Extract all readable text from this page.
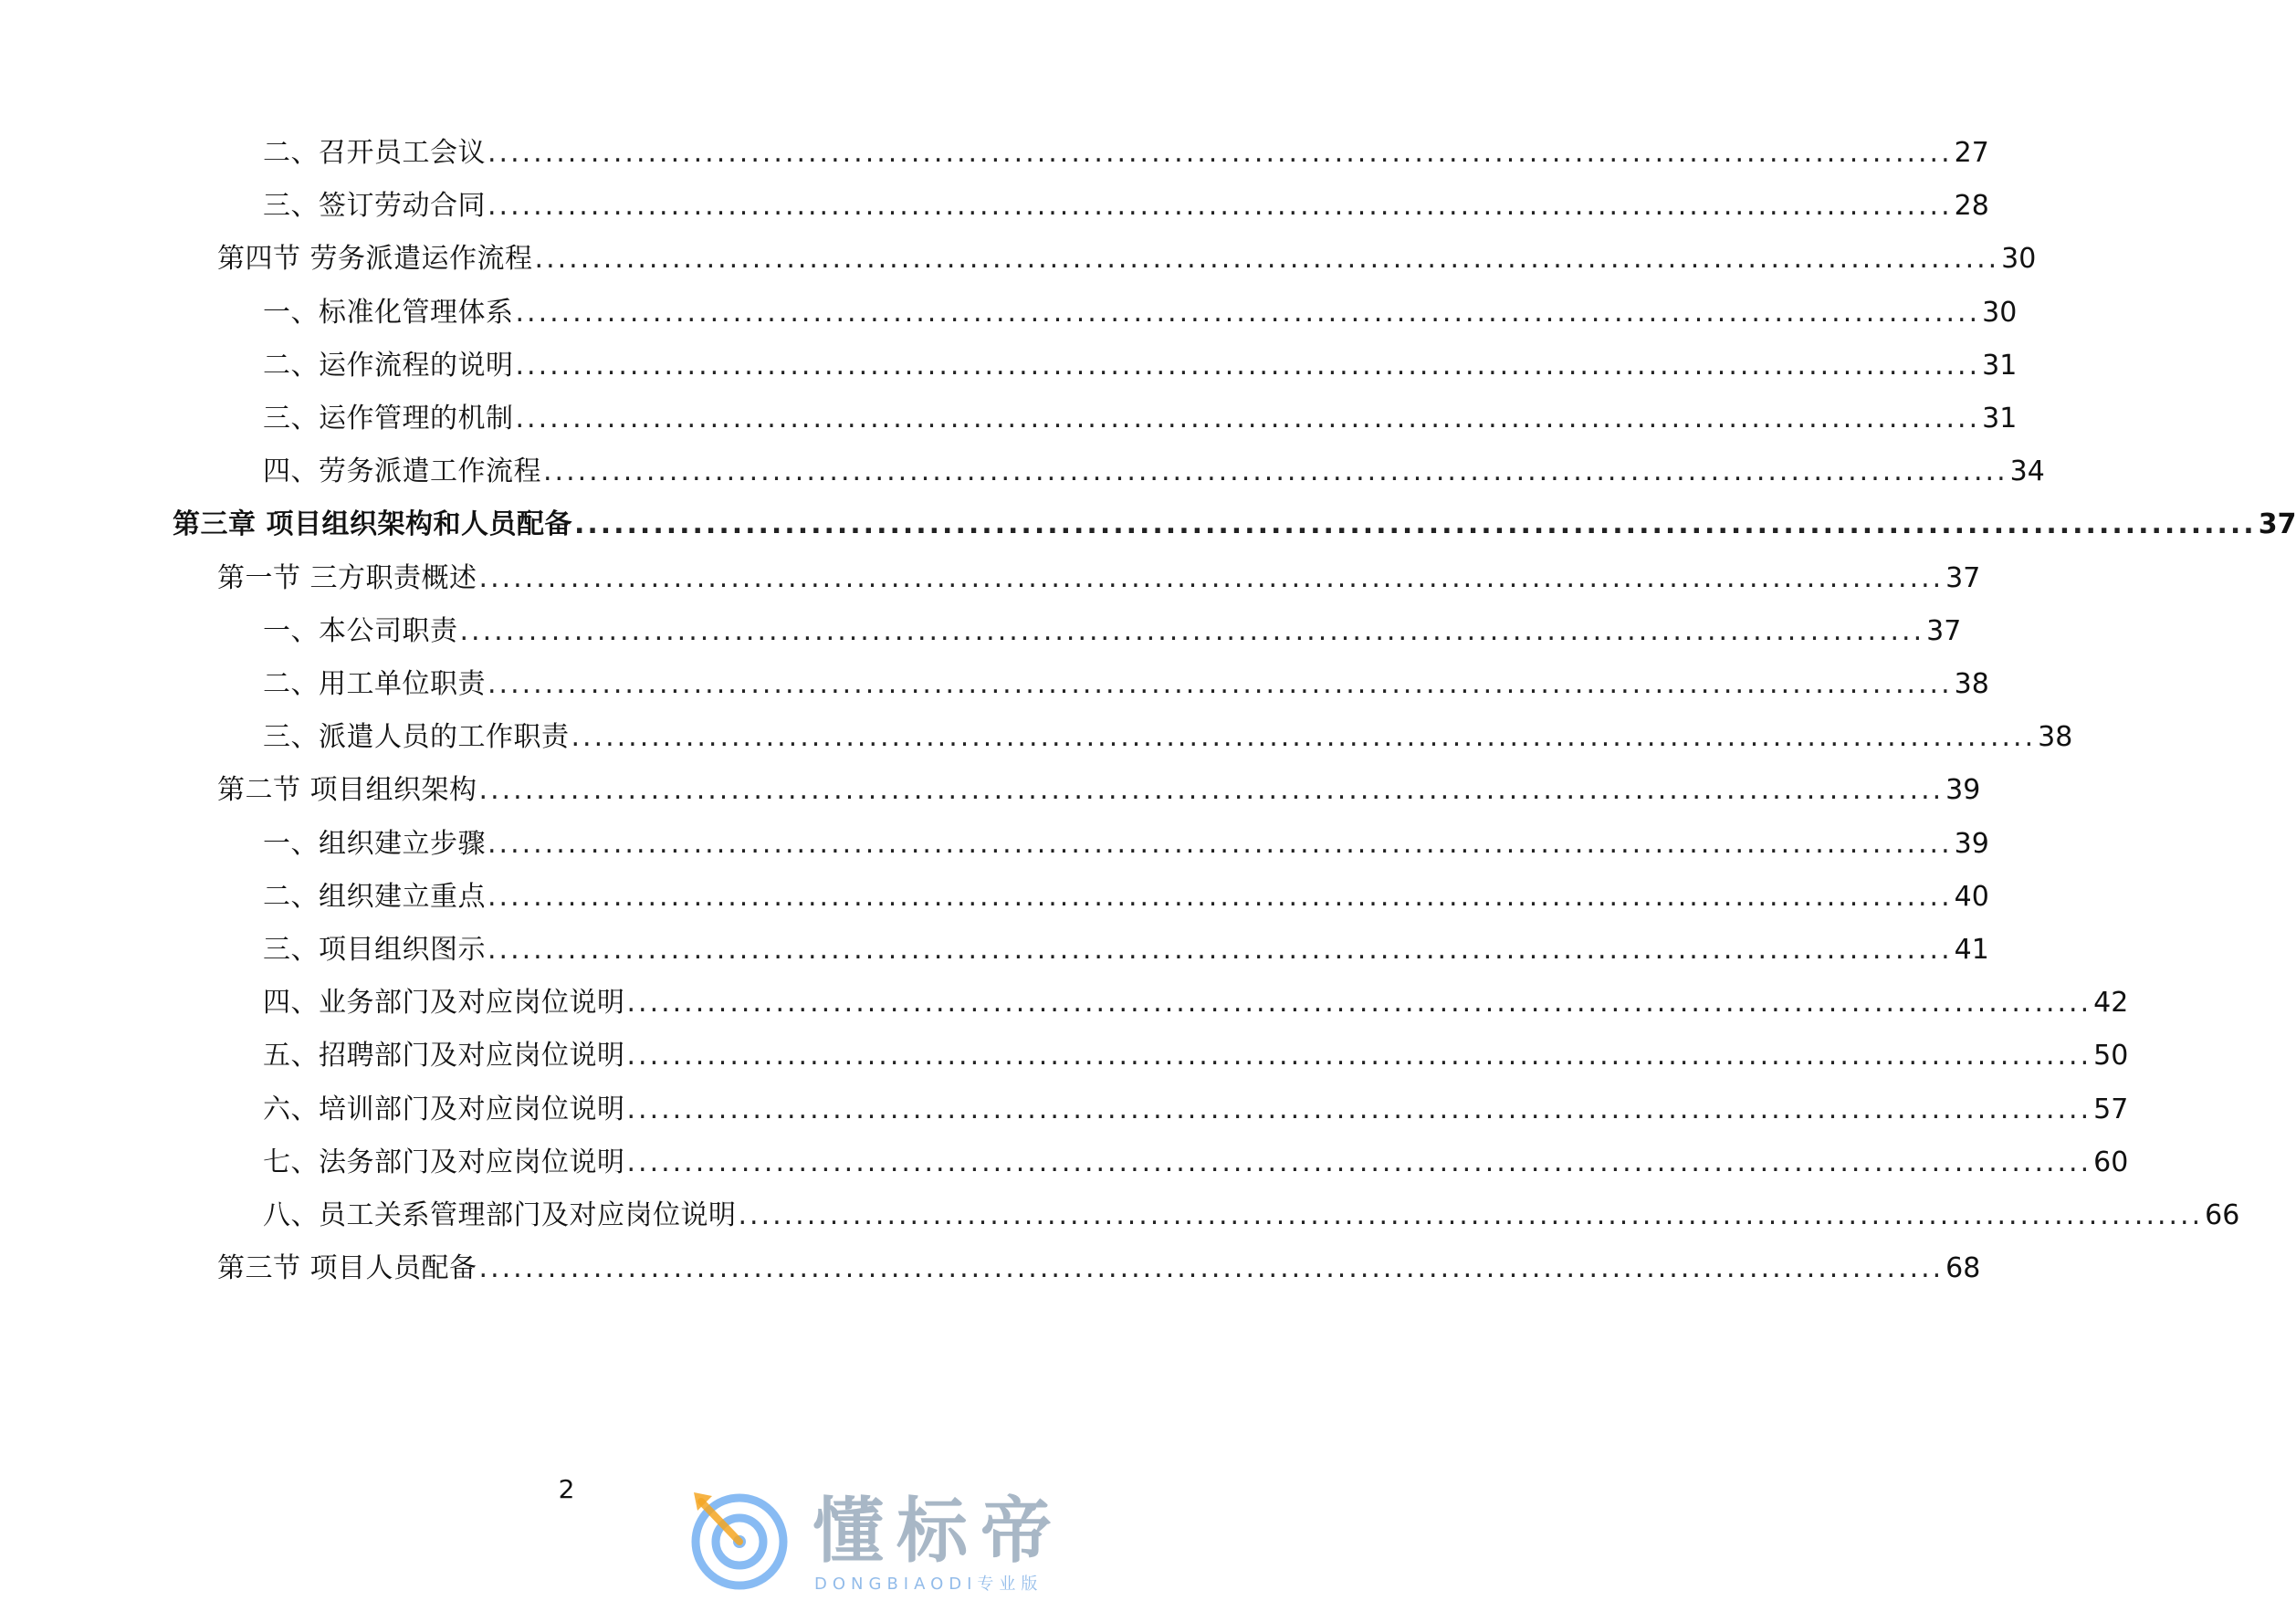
二、召开员工会议 ................................................................................................................................ 27
三、签订劳动合同 ................................................................................................................................ 28
第四节 劳务派遣运作流程 ................................................................................................................................ 30
一、标准化管理体系 ................................................................................................................................ 30
二、运作流程的说明 ................................................................................................................................ 31
三、运作管理的机制 ................................................................................................................................ 31
四、劳务派遣工作流程 ................................................................................................................................ 34
第三章 项目组织架构和人员配备 ................................................................................................................................ 37
第一节 三方职责概述 ................................................................................................................................ 37
一、本公司职责 ................................................................................................................................ 37
二、用工单位职责 ................................................................................................................................ 38
三、派遣人员的工作职责 ................................................................................................................................ 38
第二节 项目组织架构 ................................................................................................................................ 39
一、组织建立步骤 ................................................................................................................................ 39
二、组织建立重点 ................................................................................................................................ 40
三、项目组织图示 ................................................................................................................................ 41
四、业务部门及对应岗位说明 ................................................................................................................................ 42
五、招聘部门及对应岗位说明 ................................................................................................................................ 50
六、培训部门及对应岗位说明 ................................................................................................................................ 57
七、法务部门及对应岗位说明 ................................................................................................................................ 60
八、员工关系管理部门及对应岗位说明 ................................................................................................................................ 66
第三节 项目人员配备 ................................................................................................................................ 68
2
懂标帝
DONGBIAODI专业版
